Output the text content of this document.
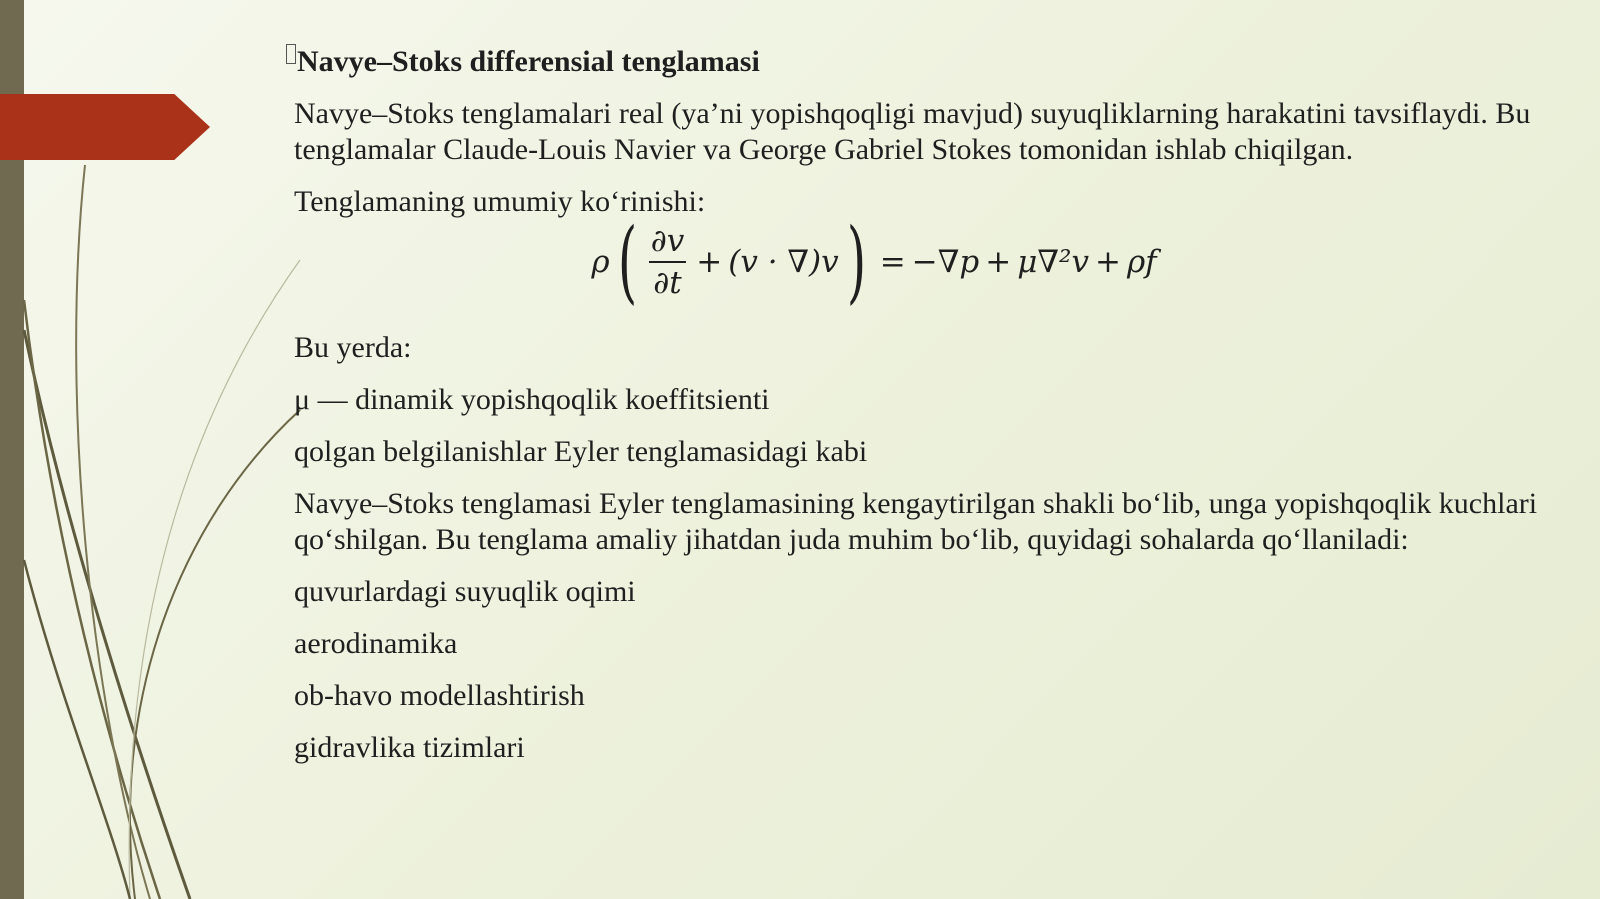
Navye–Stoks differensial tenglamasi
Navye–Stoks tenglamalari real (ya’ni yopishqoqligi mavjud) suyuqliklarning harakatini tavsiflaydi. Bu tenglamalar Claude-Louis Navier va George Gabriel Stokes tomonidan ishlab chiqilgan.
Tenglamaning umumiy ko‘rinishi:
ρ ( $\frac{\partial v}{\partial t} + (v \cdot \nabla)v$ ) = −∇p + μ∇²v + ρf
Bu yerda:
μ — dinamik yopishqoqlik koeffitsienti
qolgan belgilanishlar Eyler tenglamasidagi kabi
Navye–Stoks tenglamasi Eyler tenglamasining kengaytirilgan shakli bo‘lib, unga yopishqoqlik kuchlari qo‘shilgan. Bu tenglama amaliy jihatdan juda muhim bo‘lib, quyidagi sohalarda qo‘llaniladi:
quvurlardagi suyuqlik oqimi
aerodinamika
ob-havo modellashtirish
gidravlika tizimlari
